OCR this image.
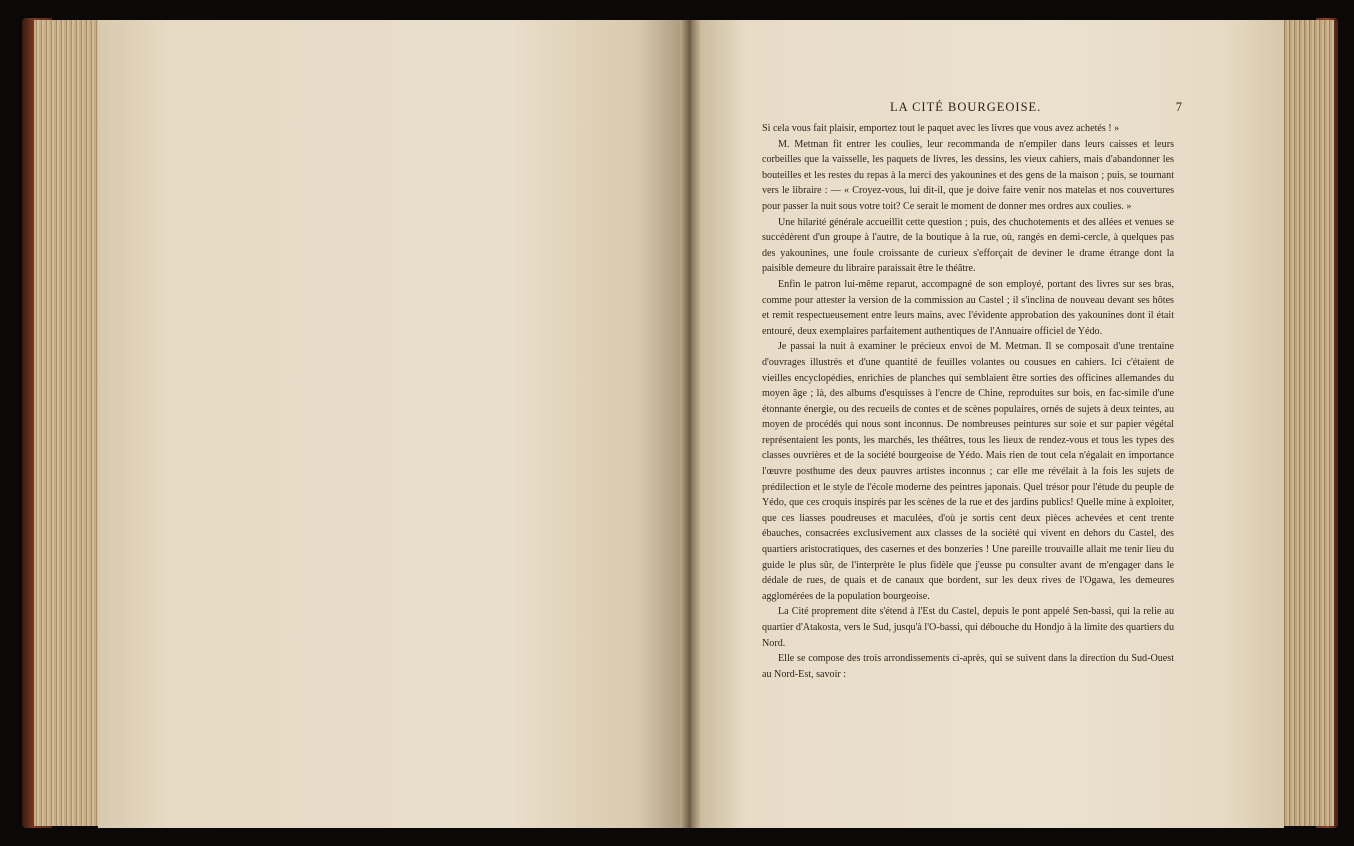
LA CITÉ BOURGEOISE.	7

Si cela vous fait plaisir, emportez tout le paquet avec les livres que vous avez achetés ! »

M. Metman fit entrer les coulies, leur recommanda de n'empiler dans leurs caisses et leurs corbeilles que la vaisselle, les paquets de livres, les dessins, les vieux cahiers, mais d'abandonner les bouteilles et les restes du repas à la merci des yakounines et des gens de la maison ; puis, se tournant vers le libraire : — « Croyez-vous, lui dit-il, que je doive faire venir nos matelas et nos couvertures pour passer la nuit sous votre toit? Ce serait le moment de donner mes ordres aux coulies. »

Une hilarité générale accueillit cette question ; puis, des chuchotements et des allées et venues se succédèrent d'un groupe à l'autre, de la boutique à la rue, où, rangés en demi-cercle, à quelques pas des yakounines, une foule croissante de curieux s'efforçait de deviner le drame étrange dont la paisible demeure du libraire paraissait être le théâtre.

Enfin le patron lui-même reparut, accompagné de son employé, portant des livres sur ses bras, comme pour attester la version de la commission au Castel ; il s'inclina de nouveau devant ses hôtes et remit respectueusement entre leurs mains, avec l'évidente approbation des yakounines dont il était entouré, deux exemplaires parfaitement authentiques de l'Annuaire officiel de Yédo.

Je passai la nuit à examiner le précieux envoi de M. Metman. Il se composait d'une trentaine d'ouvrages illustrés et d'une quantité de feuilles volantes ou cousues en cahiers. Ici c'étaient de vieilles encyclopédies, enrichies de planches qui semblaient être sorties des officines allemandes du moyen âge ; là, des albums d'esquisses à l'encre de Chine, reproduites sur bois, en fac-simile d'une étonnante énergie, ou des recueils de contes et de scènes populaires, ornés de sujets à deux teintes, au moyen de procédés qui nous sont inconnus. De nombreuses peintures sur soie et sur papier végétal représentaient les ponts, les marchés, les théâtres, tous les lieux de rendez-vous et tous les types des classes ouvrières et de la société bourgeoise de Yédo. Mais rien de tout cela n'égalait en importance l'œuvre posthume des deux pauvres artistes inconnus ; car elle me révélait à la fois les sujets de prédilection et le style de l'école moderne des peintres japonais. Quel trésor pour l'étude du peuple de Yédo, que ces croquis inspirés par les scènes de la rue et des jardins publics! Quelle mine à exploiter, que ces liasses poudreuses et maculées, d'où je sortis cent deux pièces achevées et cent trente ébauches, consacrées exclusivement aux classes de la société qui vivent en dehors du Castel, des quartiers aristocratiques, des casernes et des bonzeries ! Une pareille trouvaille allait me tenir lieu du guide le plus sûr, de l'interprète le plus fidèle que j'eusse pu consulter avant de m'engager dans le dédale de rues, de quais et de canaux que bordent, sur les deux rives de l'Ogawa, les demeures agglomérées de la population bourgeoise.

La Cité proprement dite s'étend à l'Est du Castel, depuis le pont appelé Sen-bassi, qui la relie au quartier d'Atakosta, vers le Sud, jusqu'à l'O-bassi, qui débouche du Hondjo à la limite des quartiers du Nord.

Elle se compose des trois arrondissements ci-après, qui se suivent dans la direction du Sud-Ouest au Nord-Est, savoir :
